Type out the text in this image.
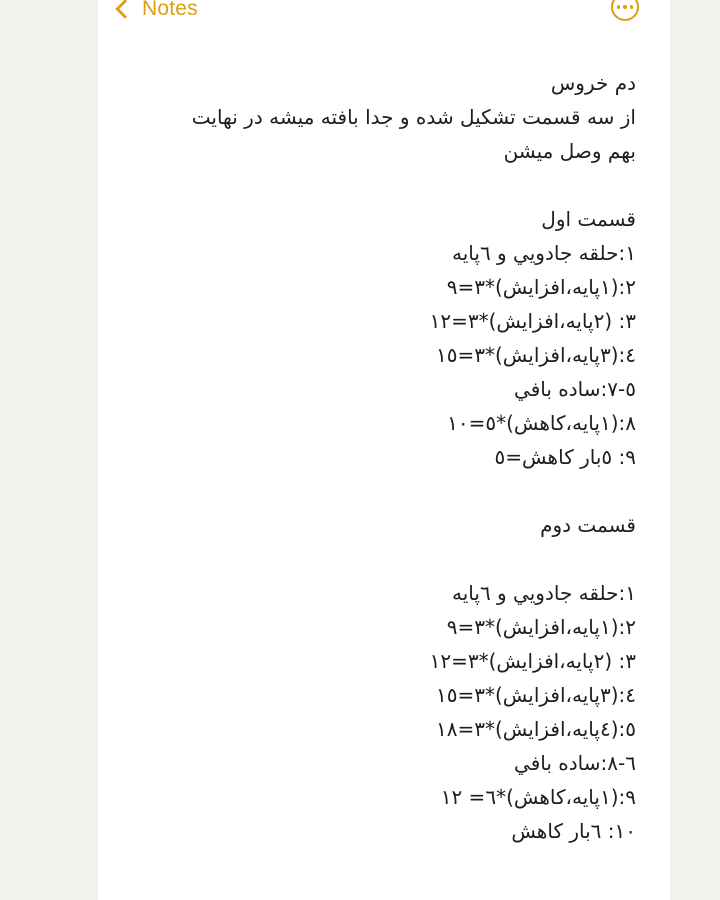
Notes
دم خروس
از سه قسمت تشکیل شده و جدا بافته میشه در نهایت
بهم وصل میشن
قسمت اول
١:حلقه جادويي و ٦پايه
٢:(١پايه،افزايش)*٣=٩
٣: (٢پايه،افزايش)*٣=١٢
٤:(٣پايه،افزايش)*٣=١٥
٥-٧:ساده بافي
٨:(١پايه،كاهش)*٥=١٠
٩: ٥بار كاهش=٥
قسمت دوم
١:حلقه جادويي و ٦پايه
٢:(١پايه،افزايش)*٣=٩
٣: (٢پايه،افزايش)*٣=١٢
٤:(٣پايه،افزايش)*٣=١٥
٥:(٤پايه،افزايش)*٣=١٨
٦-٨:ساده بافي
٩:(١پايه،كاهش)*٦= ١٢
١٠: ٦بار كاهش
